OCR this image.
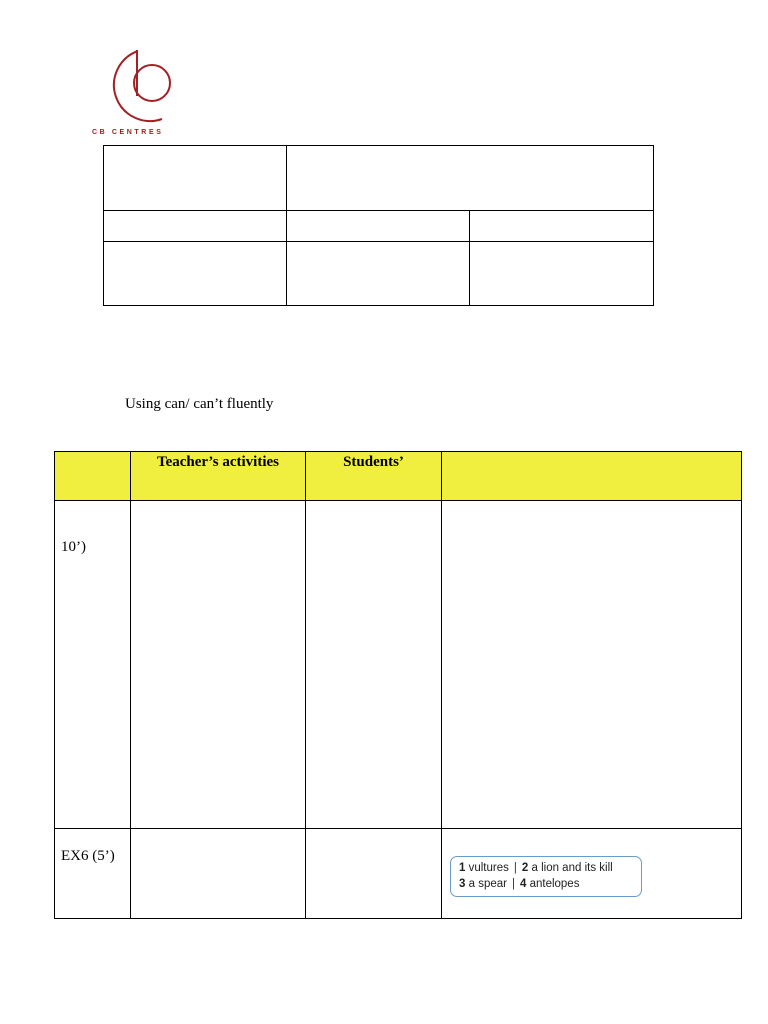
CB CENTRES

Using can/ can’t fluently

	Teacher’s activities	Students’	

10’)			

EX6 (5’)			1 vultures | 2 a lion and its kill
3 a spear | 4 antelopes
